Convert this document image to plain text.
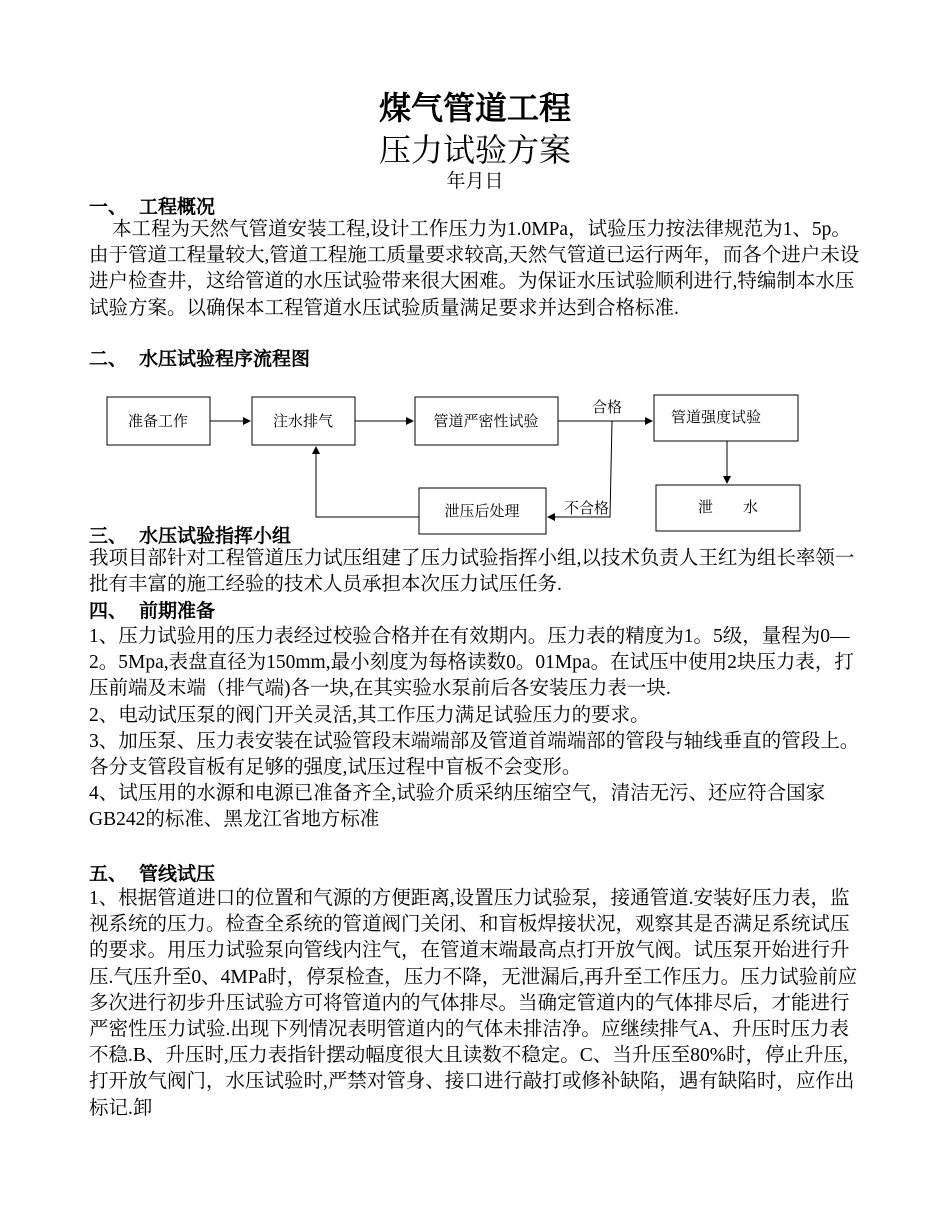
煤气管道工程
压力试验方案
年月日
一、 工程概况

本工程为天然气管道安装工程,设计工作压力为1.0MPa，试验压力按法律规范为1、5p。由于管道工程量较大,管道工程施工质量要求较高,天然气管道已运行两年，而各个进户未设进户检查井，这给管道的水压试验带来很大困难。为保证水压试验顺利进行,特编制本水压试验方案。以确保本工程管道水压试验质量满足要求并达到合格标准.

二、 水压试验程序流程图
准备工作	注水排气	管道严密性试验	管道强度试验
泄　　水
泄压后处理
合格
不合格
三、 水压试验指挥小组

我项目部针对工程管道压力试压组建了压力试验指挥小组,以技术负责人王红为组长率领一批有丰富的施工经验的技术人员承担本次压力试压任务.

四、 前期准备

1、压力试验用的压力表经过校验合格并在有效期内。压力表的精度为1。5级，量程为0—2。5Mpa,表盘直径为150mm,最小刻度为每格读数0。01Mpa。在试压中使用2块压力表，打压前端及末端（排气端)各一块,在其实验水泵前后各安装压力表一块.

2、电动试压泵的阀门开关灵活,其工作压力满足试验压力的要求。

3、加压泵、压力表安装在试验管段末端端部及管道首端端部的管段与轴线垂直的管段上。各分支管段盲板有足够的强度,试压过程中盲板不会变形。

4、试压用的水源和电源已准备齐全,试验介质采纳压缩空气，清洁无污、还应符合国家GB242的标准、黑龙江省地方标准

五、 管线试压

1、根据管道进口的位置和气源的方便距离,设置压力试验泵，接通管道.安装好压力表，监视系统的压力。检查全系统的管道阀门关闭、和盲板焊接状况，观察其是否满足系统试压的要求。用压力试验泵向管线内注气，在管道末端最高点打开放气阀。试压泵开始进行升压.气压升至0、4MPa时，停泵检查，压力不降，无泄漏后,再升至工作压力。压力试验前应多次进行初步升压试验方可将管道内的气体排尽。当确定管道内的气体排尽后，才能进行严密性压力试验.出现下列情况表明管道内的气体未排洁净。应继续排气A、升压时压力表不稳.B、升压时,压力表指针摆动幅度很大且读数不稳定。C、当升压至80%时，停止升压,打开放气阀门，水压试验时,严禁对管身、接口进行敲打或修补缺陷，遇有缺陷时，应作出标记.卸
